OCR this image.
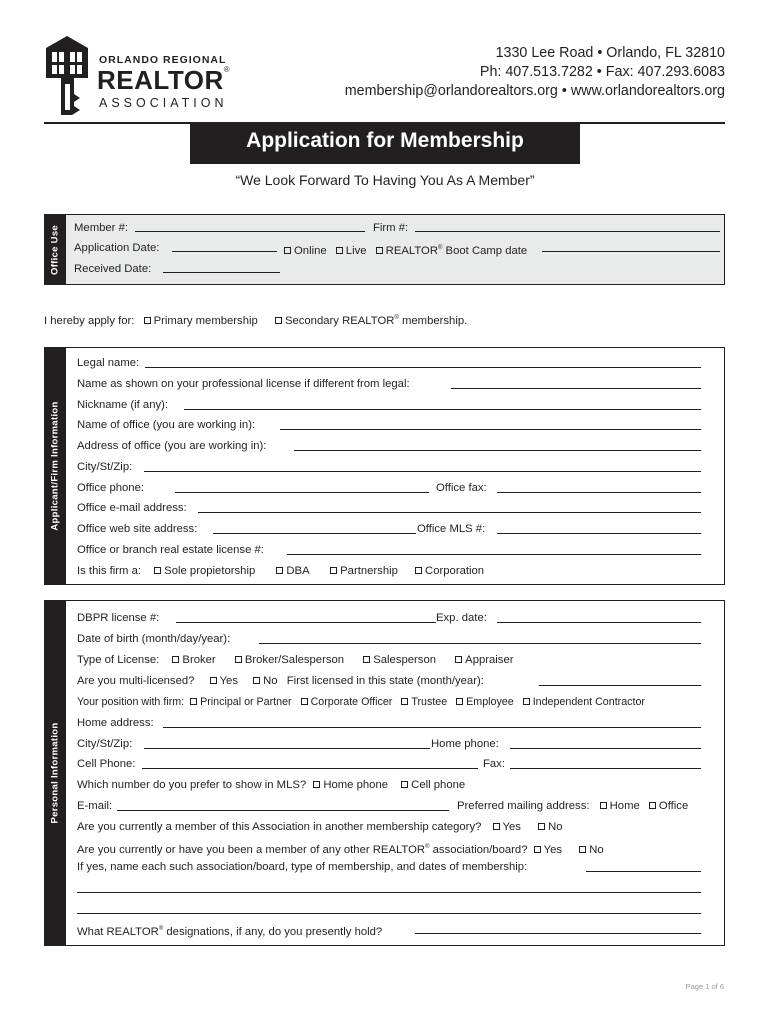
ORLANDO REGIONAL
REALTOR®
ASSOCIATION
1330 Lee Road • Orlando, FL 32810
Ph: 407.513.7282 • Fax: 407.293.6083
membership@orlandorealtors.org • www.orlandorealtors.org
Application for Membership
“We Look Forward To Having You As A Member”
Office Use Member #:	Firm #:
Application Date:	Online Live REALTOR® Boot Camp date
Received Date:
I hereby apply for: Primary membership Secondary REALTOR® membership.
Applicant/Firm Information
Legal name:
Name as shown on your professional license if different from legal:
Nickname (if any):
Name of office (you are working in):
Address of office (you are working in):
City/St/Zip:
Office phone:	Office fax:
Office e-mail address:
Office web site address:	Office MLS #:
Office or branch real estate license #:
Is this firm a: Sole propietorship	DBA	Partnership Corporation
Personal Information
DBPR license #:	Exp. date:
Date of birth (month/day/year):
Type of License: Broker	Broker/Salesperson	Salesperson	Appraiser
Are you multi-licensed? Yes No First licensed in this state (month/year):
Your position with firm: Principal or Partner Corporate Officer Trustee Employee Independent Contractor
Home address:
City/St/Zip:	Home phone:
Cell Phone:	Fax:
Which number do you prefer to show in MLS? Home phone Cell phone
E-mail:	Preferred mailing address: Home Office
Are you currently a member of this Association in another membership category? Yes No
Are you currently or have you been a member of any other REALTOR® association/board? Yes No
If yes, name each such association/board, type of membership, and dates of membership:
What REALTOR® designations, if any, do you presently hold?
Page 1 of 6
